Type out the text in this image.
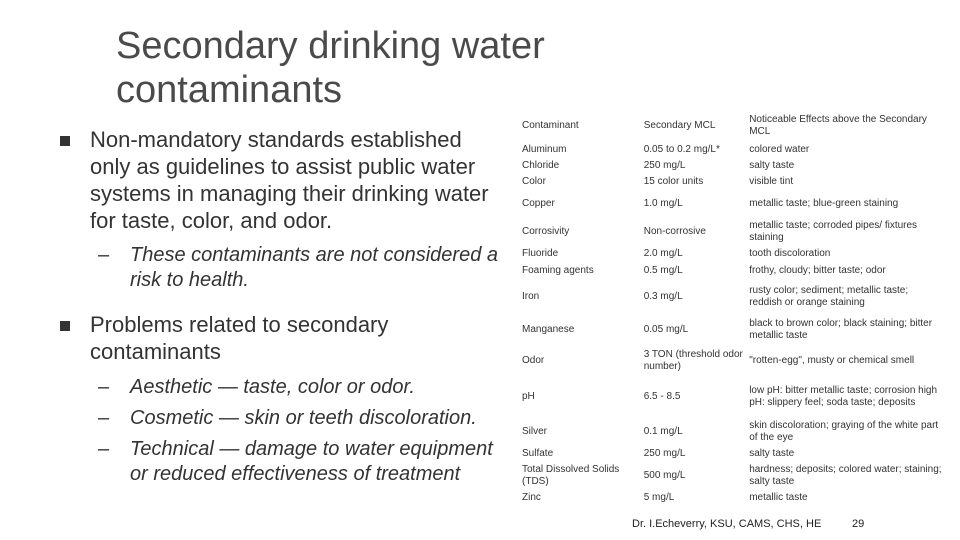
Secondary drinking water contaminants

Non-mandatory standards established only as guidelines to assist public water systems in managing their drinking water for taste, color, and odor.

– These contaminants are not considered a risk to health.

Problems related to secondary contaminants

– Aesthetic — taste, color or odor.

– Cosmetic — skin or teeth discoloration.

– Technical — damage to water equipment or reduced effectiveness of treatment

Contaminant	Secondary MCL	Noticeable Effects above the Secondary MCL
Aluminum	0.05 to 0.2 mg/L*	colored water
Chloride	250 mg/L	salty taste
Color	15 color units	visible tint
Copper	1.0 mg/L	metallic taste; blue-green staining
Corrosivity	Non-corrosive	metallic taste; corroded pipes/ fixtures staining
Fluoride	2.0 mg/L	tooth discoloration
Foaming agents	0.5 mg/L	frothy, cloudy; bitter taste; odor
Iron	0.3 mg/L	rusty color; sediment; metallic taste; reddish or orange staining
Manganese	0.05 mg/L	black to brown color; black staining; bitter metallic taste
Odor	3 TON (threshold odor number)	"rotten-egg", musty or chemical smell
pH	6.5 - 8.5	low pH: bitter metallic taste; corrosion high pH: slippery feel; soda taste; deposits
Silver	0.1 mg/L	skin discoloration; graying of the white part of the eye
Sulfate	250 mg/L	salty taste
Total Dissolved Solids (TDS)	500 mg/L	hardness; deposits; colored water; staining; salty taste
Zinc	5 mg/L	metallic taste
Dr. I.Echeverry, KSU, CAMS, CHS, HE	29
